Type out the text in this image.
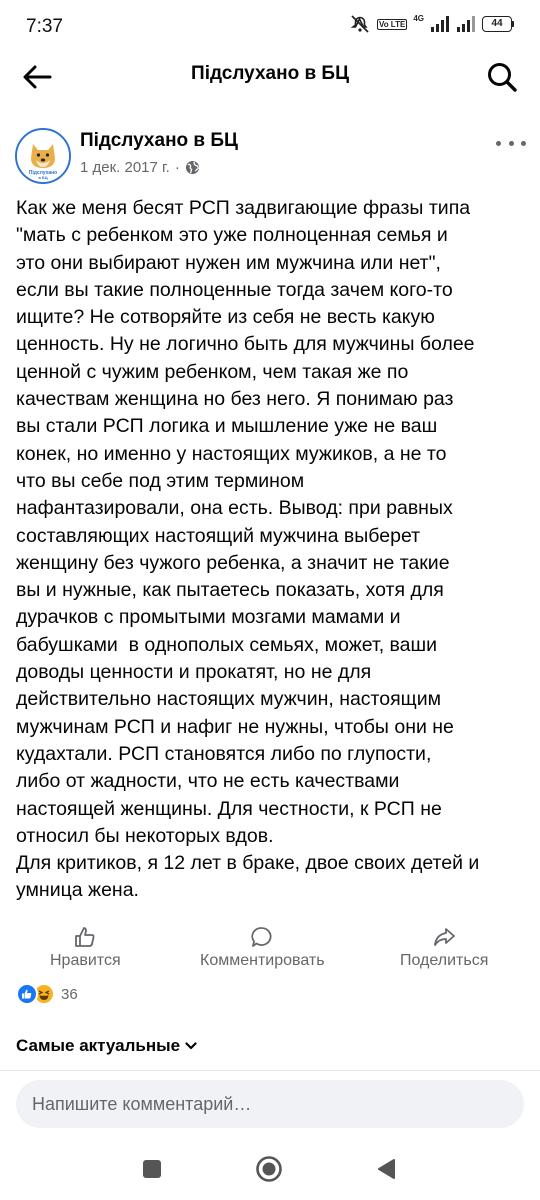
7:37	Vo LTE
4G	44
Підслухано в БЦ
Підслухано
в БЦ
Підслухано в БЦ
1 дек. 2017 г. ·

Как же меня бесят РСП задвигающие фразы типа

"мать с ребенком это уже полноценная семья и

это они выбирают нужен им мужчина или нет",

если вы такие полноценные тогда зачем кого-то

ищите? Не сотворяйте из себя не весть какую

ценность. Ну не логично быть для мужчины более

ценной с чужим ребенком, чем такая же по

качествам женщина но без него. Я понимаю раз

вы стали РСП логика и мышление уже не ваш

конек, но именно у настоящих мужиков, а не то

что вы себе под этим термином

нафантазировали, она есть. Вывод: при равных

составляющих настоящий мужчина выберет

женщину без чужого ребенка, а значит не такие

вы и нужные, как пытаетесь показать, хотя для

дурачков с промытыми мозгами мамами и

бабушками  в однополых семьях, может, ваши

доводы ценности и прокатят, но не для

действительно настоящих мужчин, настоящим

мужчинам РСП и нафиг не нужны, чтобы они не

кудахтали. РСП становятся либо по глупости,

либо от жадности, что не есть качествами

настоящей женщины. Для честности, к РСП не

относил бы некоторых вдов.

Для критиков, я 12 лет в браке, двое своих детей и

умница жена.

Нравится	Комментировать	Поделиться
36
Самые актуальные
Напишите комментарий…
